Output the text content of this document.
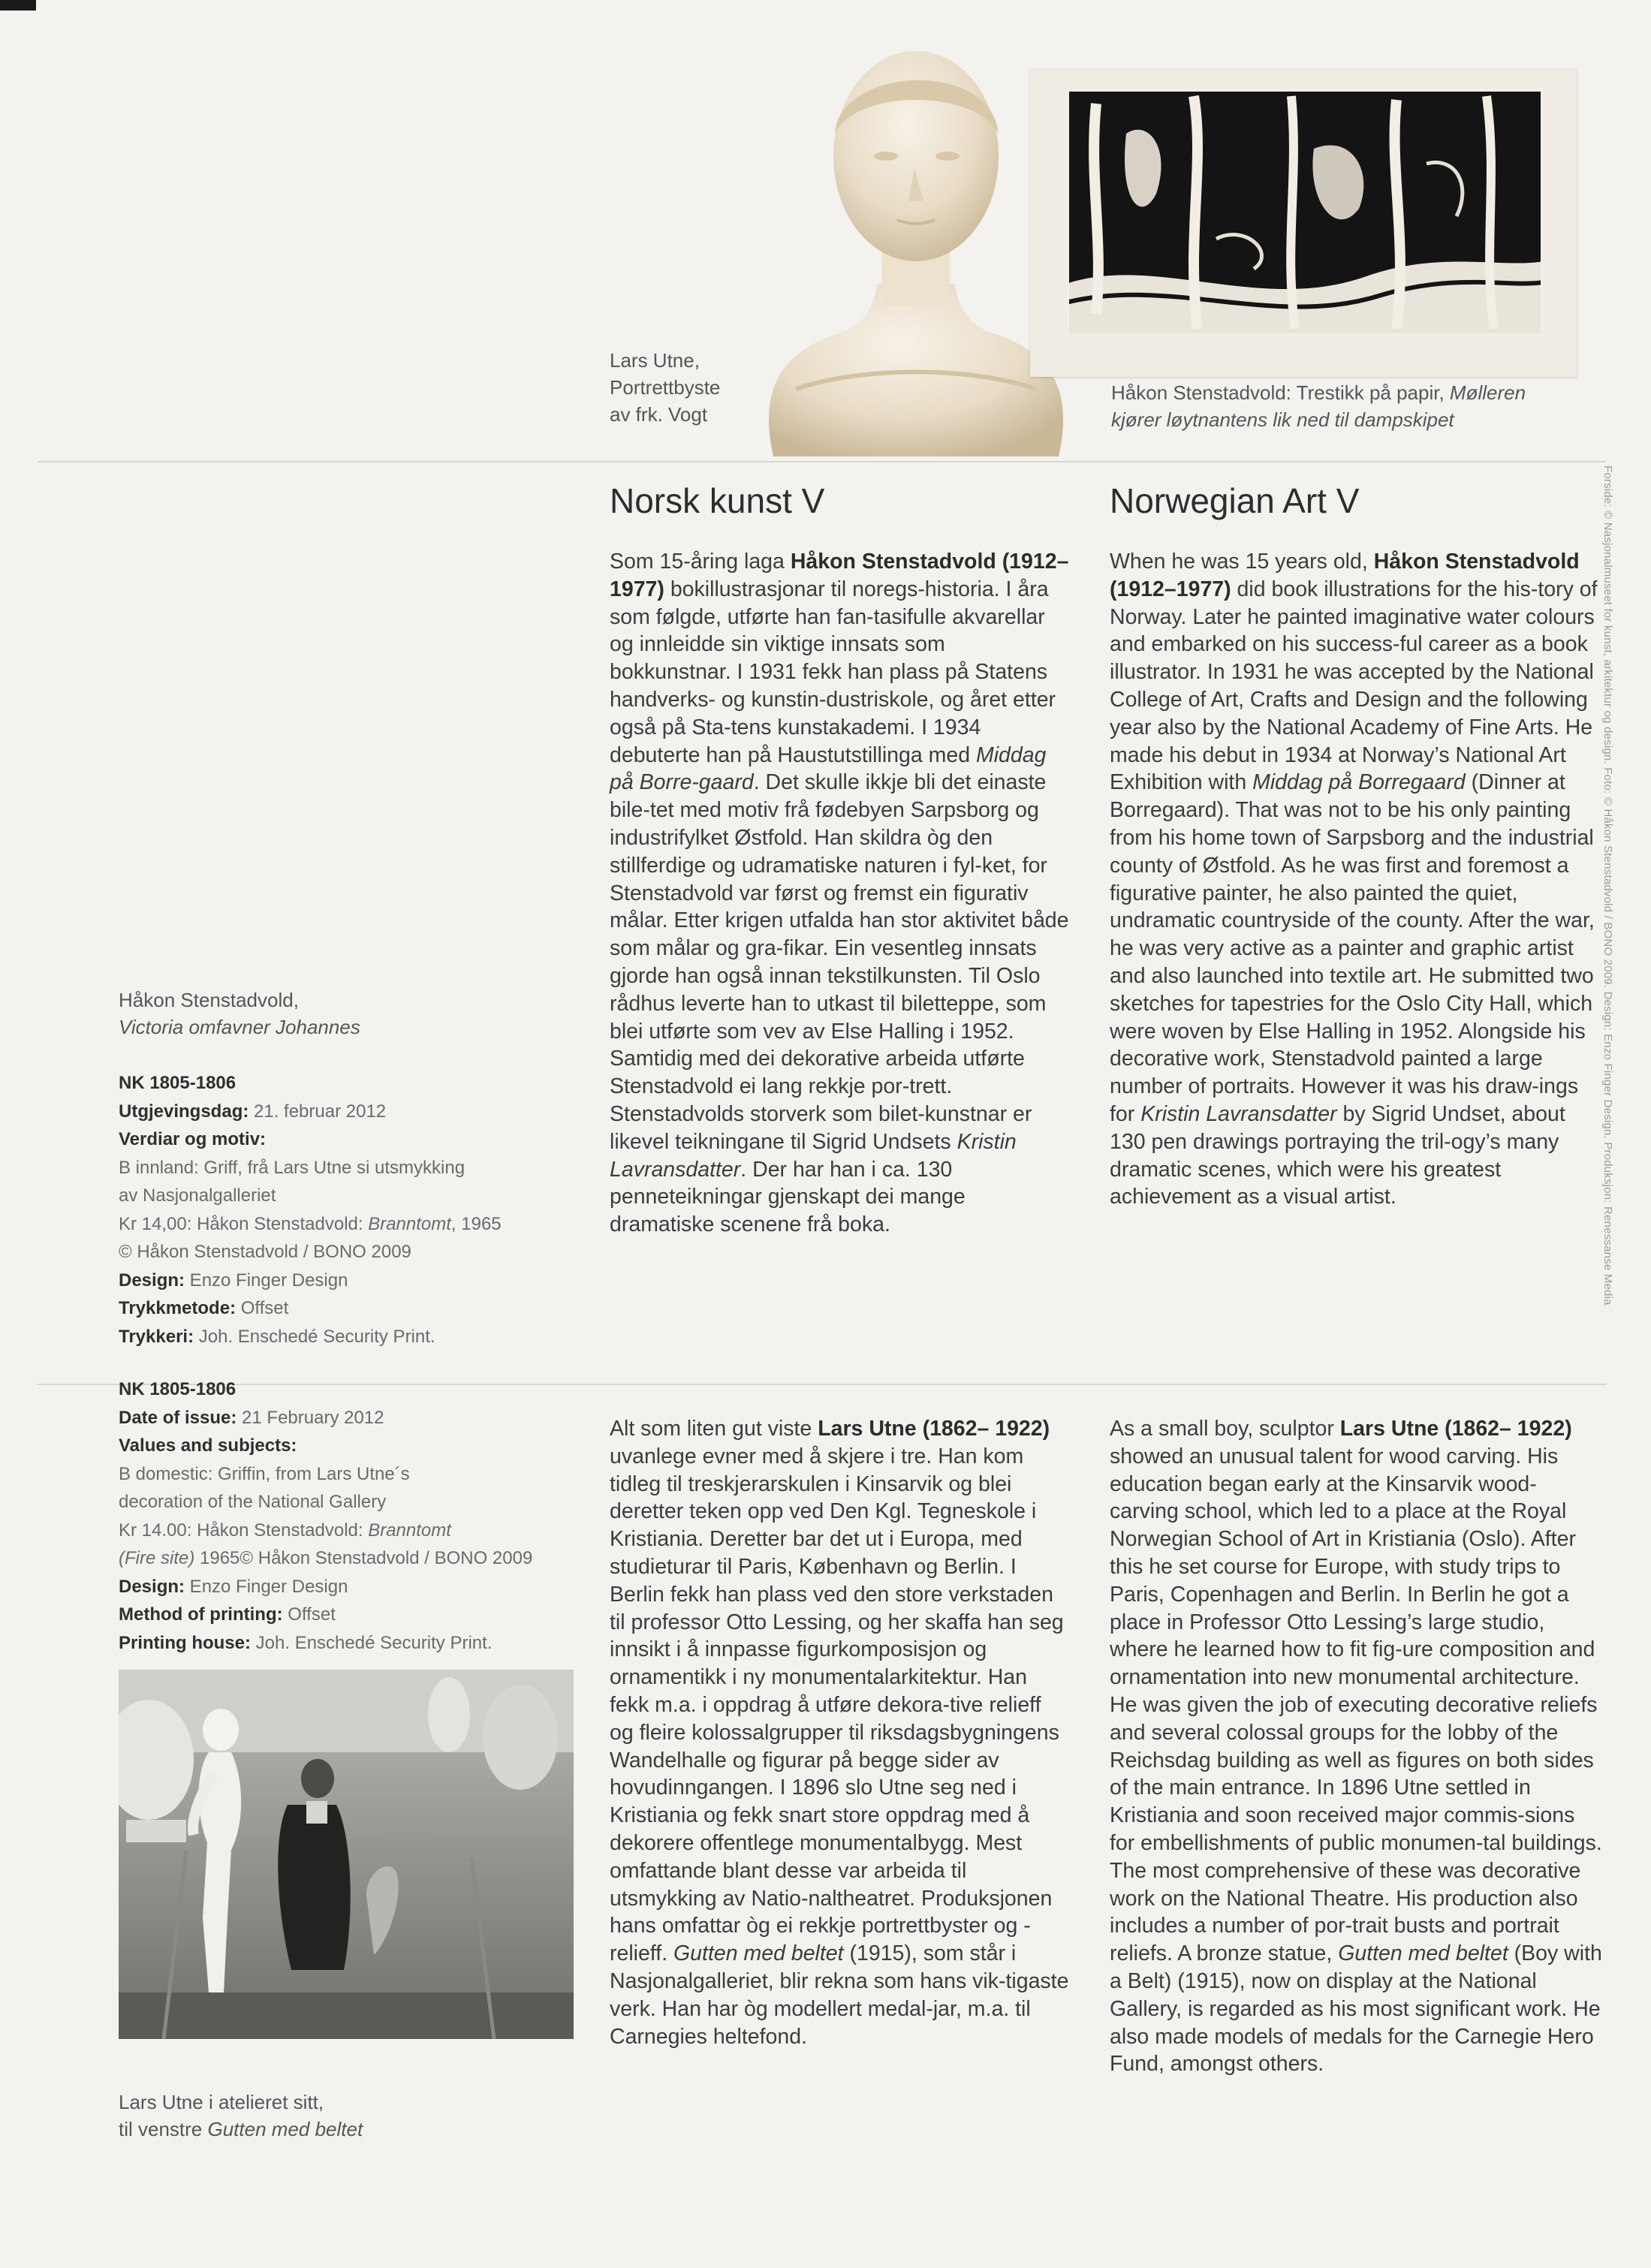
Lars Utne,
Portrettbyste
av frk. Vogt
Håkon Stenstadvold: Trestikk på papir, Mølleren
kjører løytnantens lik ned til dampskipet
Håkon Stenstadvold,
Victoria omfavner Johannes
Norsk kunst V	Norwegian Art V
Som 15-åring laga Håkon Stenstadvold (1912–1977) bokillustrasjonar til noregs-historia. I åra som følgde, utførte han fan-tasifulle akvarellar og innleidde sin viktige innsats som bokkunstnar. I 1931 fekk han plass på Statens handverks- og kunstin-dustriskole, og året etter også på Sta-tens kunstakademi. I 1934 debuterte han på Haustutstillinga med Middag på Borre-gaard. Det skulle ikkje bli det einaste bile-tet med motiv frå fødebyen Sarpsborg og industrifylket Østfold. Han skildra òg den stillferdige og udramatiske naturen i fyl-ket, for Stenstadvold var først og fremst ein figurativ målar. Etter krigen utfalda han stor aktivitet både som målar og gra-fikar. Ein vesentleg innsats gjorde han også innan tekstilkunsten. Til Oslo rådhus leverte han to utkast til biletteppe, som blei utførte som vev av Else Halling i 1952. Samtidig med dei dekorative arbeida utførte Stenstadvold ei lang rekkje por-trett. Stenstadvolds storverk som bilet-kunstnar er likevel teikningane til Sigrid Undsets Kristin Lavransdatter. Der har han i ca. 130 penneteikningar gjenskapt dei mange dramatiske scenene frå boka.
Alt som liten gut viste Lars Utne (1862– 1922) uvanlege evner med å skjere i tre. Han kom tidleg til treskjerarskulen i Kinsarvik og blei deretter teken opp ved Den Kgl. Tegneskole i Kristiania. Deretter bar det ut i Europa, med studieturar til Paris, København og Berlin. I Berlin fekk han plass ved den store verkstaden til professor Otto Lessing, og her skaffa han seg innsikt i å innpasse figurkomposisjon og ornamentikk i ny monumentalarkitektur. Han fekk m.a. i oppdrag å utføre dekora-tive relieff og fleire kolossalgrupper til riksdagsbygningens Wandelhalle og figurar på begge sider av hovudinngangen. I 1896 slo Utne seg ned i Kristiania og fekk snart store oppdrag med å dekorere offentlege monumentalbygg. Mest omfattande blant desse var arbeida til utsmykking av Natio-naltheatret. Produksjonen hans omfattar òg ei rekkje portrettbyster og -relieff. Gutten med beltet (1915), som står i Nasjonalgalleriet, blir rekna som hans vik-tigaste verk. Han har òg modellert medal-jar, m.a. til Carnegies heltefond.
When he was 15 years old, Håkon Stenstadvold (1912–1977) did book illustrations for the his-tory of Norway. Later he painted imaginative water colours and embarked on his success-ful career as a book illustrator. In 1931 he was accepted by the National College of Art, Crafts and Design and the following year also by the National Academy of Fine Arts. He made his debut in 1934 at Norway’s National Art Exhibition with Middag på Borregaard (Dinner at Borregaard). That was not to be his only painting from his home town of Sarpsborg and the industrial county of Østfold. As he was first and foremost a figurative painter, he also painted the quiet, undramatic countryside of the county. After the war, he was very active as a painter and graphic artist and also launched into textile art. He submitted two sketches for tapestries for the Oslo City Hall, which were woven by Else Halling in 1952. Alongside his decorative work, Stenstadvold painted a large number of portraits. However it was his draw-ings for Kristin Lavransdatter by Sigrid Undset, about 130 pen drawings portraying the tril-ogy’s many dramatic scenes, which were his greatest achievement as a visual artist.
As a small boy, sculptor Lars Utne (1862– 1922) showed an unusual talent for wood carving. His education began early at the Kinsarvik wood-carving school, which led to a place at the Royal Norwegian School of Art in Kristiania (Oslo). After this he set course for Europe, with study trips to Paris, Copenhagen and Berlin. In Berlin he got a place in Professor Otto Lessing’s large studio, where he learned how to fit fig-ure composition and ornamentation into new monumental architecture. He was given the job of executing decorative reliefs and several colossal groups for the lobby of the Reichsdag building as well as figures on both sides of the main entrance. In 1896 Utne settled in Kristiania and soon received major commis-sions for embellishments of public monumen-tal buildings. The most comprehensive of these was decorative work on the National Theatre. His production also includes a number of por-trait busts and portrait reliefs. A bronze statue, Gutten med beltet (Boy with a Belt) (1915), now on display at the National Gallery, is regarded as his most significant work. He also made models of medals for the Carnegie Hero Fund, amongst others.
NK 1805-1806
Utgjevingsdag: 21. februar 2012
Verdiar og motiv:
B innland: Griff, frå Lars Utne si utsmykking
av Nasjonalgalleriet
Kr 14,00: Håkon Stenstadvold: Branntomt, 1965
© Håkon Stenstadvold / BONO 2009
Design: Enzo Finger Design
Trykkmetode: Offset
Trykkeri: Joh. Enschedé Security Print.
NK 1805-1806
Date of issue: 21 February 2012
Values and subjects:
B domestic: Griffin, from Lars Utne´s
decoration of the National Gallery
Kr 14.00: Håkon Stenstadvold: Branntomt
(Fire site) 1965© Håkon Stenstadvold / BONO 2009
Design: Enzo Finger Design
Method of printing: Offset
Printing house: Joh. Enschedé Security Print.
Lars Utne i atelieret sitt,
til venstre Gutten med beltet
Forside: © Nasjonalmuseet for kunst, arkitektur og design. Foto: © Håkon Stenstadvold / BONO 2009. Design: Enzo Finger Design. Produksjon: Renessanse Media
